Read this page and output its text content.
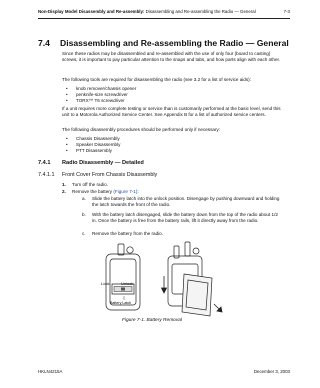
Non-Display Model Disassembly and Re-assembly: Disassembling and Re-assembling the Radio — General	7-3
7.4 Disassembling and Re-assembling the Radio — General
Since these radios may be disassembled and re-assembled with the use of only four (board to casting) screws, it is important to pay particular attention to the snaps and tabs, and how parts align with each other.
The following tools are required for disassembling the radio (see 3.2 for a list of service aids):
•	knob remover/chassis opener
•	penknife-size screwdriver
•	TORX™ T6 screwdriver
If a unit requires more complete testing or service than is customarily performed at the basic level, send this unit to a Motorola Authorized Service Center. See Appendix B for a list of authorized service centers.
The following disassembly procedures should be performed only if necessary:
•	Chassis Disassembly
•	Speaker Disassembly
•	PTT Disassembly
7.4.1 Radio Disassembly — Detailed
7.4.1.1 Front Cover From Chassis Disassembly
1.	Turn off the radio.
2.	Remove the battery (Figure 7-1):
a.	Slide the battery latch into the unlock position. Disengage by pushing downward and holding the latch towards the front of the radio.
b.	With the battery latch disengaged, slide the battery down from the top of the radio about 1/2 in. Once the battery is free from the battery rails, lift it directly away from the radio.
c.	Remove the battery from the radio.
Lock	Unlock
Battery Latch
Figure 7-1. Battery Removal
HKLN4215A	December 3, 2003
